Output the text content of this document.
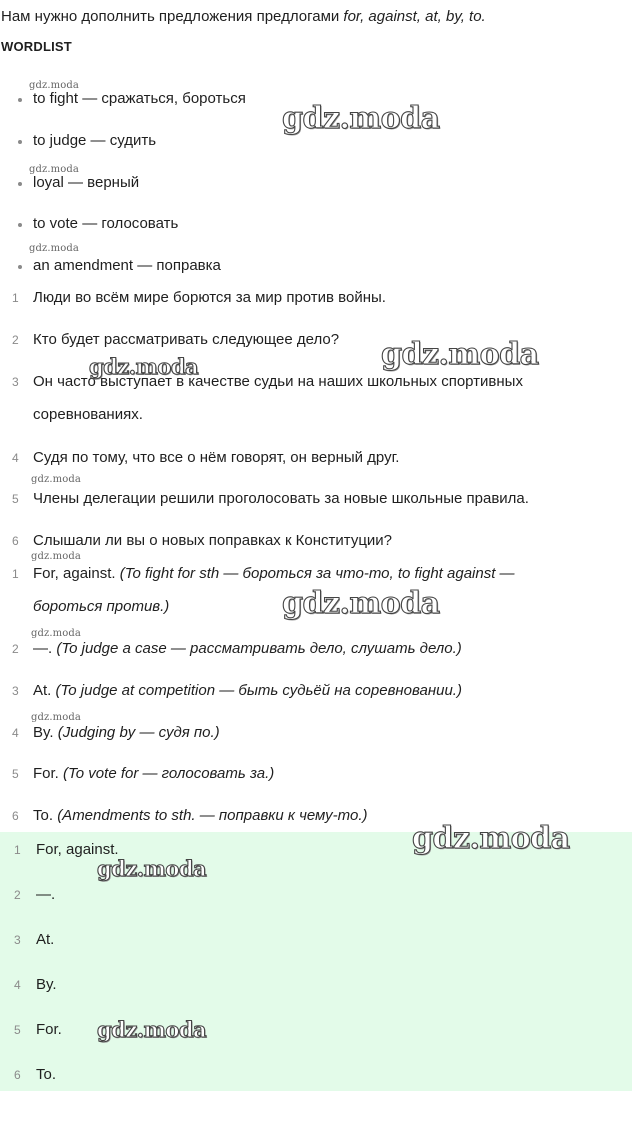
Нам нужно дополнить предложения предлогами for, against, at, by, to.
WORDLIST
to fight — сражаться, бороться
to judge — судить
loyal — верный
to vote — голосовать
an amendment — поправка
1 Люди во всём мире борются за мир против войны.
2 Кто будет рассматривать следующее дело?
3 Он часто выступает в качестве судьи на наших школьных спортивных
соревнованиях.
4 Судя по тому, что все о нём говорят, он верный друг.
5 Члены делегации решили проголосовать за новые школьные правила.
6 Слышали ли вы о новых поправках к Конституции?
1 For, against. (To fight for sth — бороться за что-то, to fight against —
бороться против.)
2 —. (To judge a case — рассматривать дело, слушать дело.)
3 At. (To judge at competition — быть судьёй на соревновании.)
4 By. (Judging by — судя по.)
5 For. (To vote for — голосовать за.)
6 To. (Amendments to sth. — поправки к чему-то.)
1	For, against.
2	—.
3	At.
4	By.
5	For.
6	To.
gdz.moda
gdz.moda
gdz.moda
gdz.moda
gdz.moda
gdz.moda
gdz.moda
gdz.moda
gdz.moda
gdz.moda
gdz.moda
gdz.moda
gdz.moda
gdz.moda
